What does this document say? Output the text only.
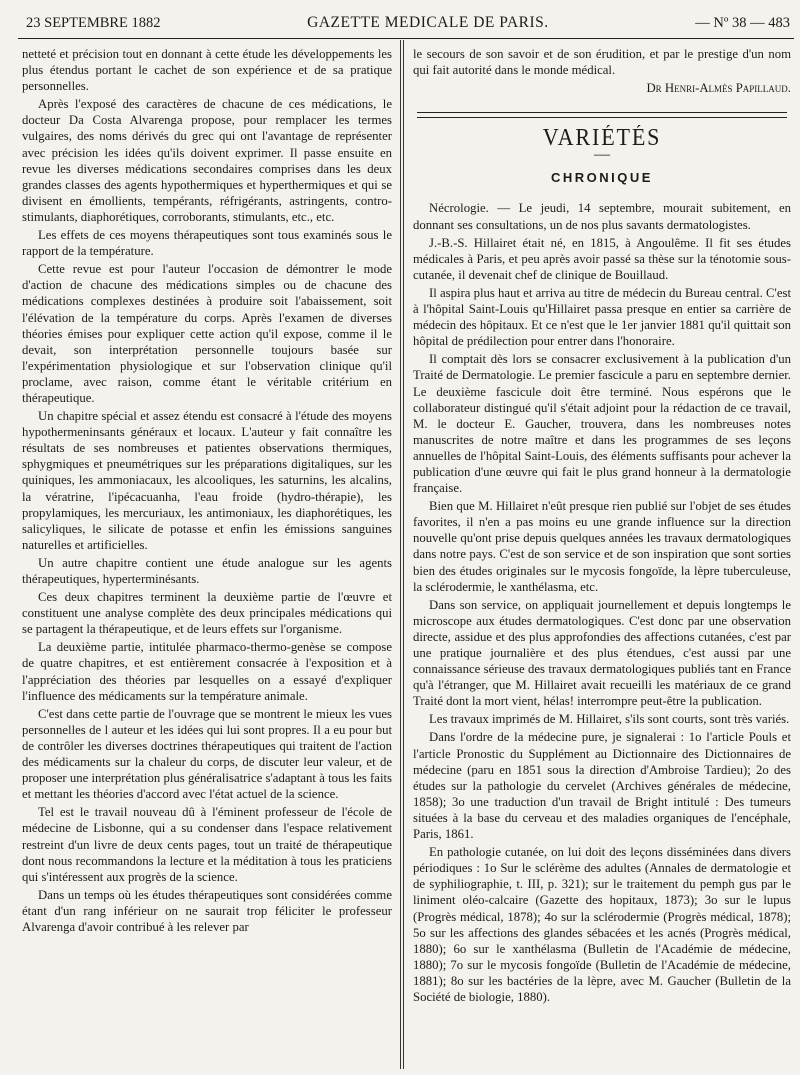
23 SEPTEMBRE 1882	GAZETTE MEDICALE DE PARIS.	— Nº 38 — 483

netteté et précision tout en donnant à cette étude les développements les plus étendus portant le cachet de son expérience et de sa pratique personnelles.

Après l'exposé des caractères de chacune de ces médications, le docteur Da Costa Alvarenga propose, pour remplacer les termes vulgaires, des noms dérivés du grec qui ont l'avantage de représenter avec précision les idées qu'ils doivent exprimer. Il passe ensuite en revue les diverses médications secondaires comprises dans les deux grandes classes des agents hypothermiques et hyperthermiques et qui se divisent en émollients, tempérants, réfrigérants, astringents, contro-stimulants, diaphorétiques, corroborants, stimulants, etc., etc.

Les effets de ces moyens thérapeutiques sont tous examinés sous le rapport de la température.

Cette revue est pour l'auteur l'occasion de démontrer le mode d'action de chacune des médications simples ou de chacune des médications complexes destinées à produire soit l'abaissement, soit l'élévation de la température du corps. Après l'examen de diverses théories émises pour expliquer cette action qu'il expose, comme il le devait, son interprétation personnelle toujours basée sur l'expérimentation physiologique et sur l'observation clinique qu'il proclame, avec raison, comme étant le véritable critérium en thérapeutique.

Un chapitre spécial et assez étendu est consacré à l'étude des moyens hypothermeninsants généraux et locaux. L'auteur y fait connaître les résultats de ses nombreuses et patientes observations thermiques, sphygmiques et pneumétriques sur les préparations digitaliques, sur les quiniques, les ammoniacaux, les alcooliques, les saturnins, les alcalins, la vératrine, l'ipécacuanha, l'eau froide (hydro-thérapie), les propylamiques, les mercuriaux, les antimoniaux, les diaphorétiques, les salicyliques, le silicate de potasse et enfin les émissions sanguines naturelles et artificielles.

Un autre chapitre contient une étude analogue sur les agents thérapeutiques, hyperterminésants.

Ces deux chapitres terminent la deuxième partie de l'œuvre et constituent une analyse complète des deux principales médications qui se partagent la thérapeutique, et de leurs effets sur l'organisme.

La deuxième partie, intitulée pharmaco-thermo-genèse se compose de quatre chapitres, et est entièrement consacrée à l'exposition et à l'appréciation des théories par lesquelles on a essayé d'expliquer l'influence des médicaments sur la température animale.

C'est dans cette partie de l'ouvrage que se montrent le mieux les vues personnelles de l auteur et les idées qui lui sont propres. Il a eu pour but de contrôler les diverses doctrines thérapeutiques qui traitent de l'action des médicaments sur la chaleur du corps, de discuter leur valeur, et de proposer une interprétation plus généralisatrice s'adaptant à tous les faits et mettant les théories d'accord avec l'état actuel de la science.

Tel est le travail nouveau dû à l'éminent professeur de l'école de médecine de Lisbonne, qui a su condenser dans l'espace relativement restreint d'un livre de deux cents pages, tout un traité de thérapeutique dont nous recommandons la lecture et la méditation à tous les praticiens qui s'intéressent aux progrès de la science.

Dans un temps où les études thérapeutiques sont considérées comme étant d'un rang inférieur on ne saurait trop féliciter le professeur Alvarenga d'avoir contribué à les relever par

le secours de son savoir et de son érudition, et par le prestige d'un nom qui fait autorité dans le monde médical.

Dr Henri-Almès Papillaud.
VARIÉTÉS
—
CHRONIQUE

Nécrologie. — Le jeudi, 14 septembre, mourait subitement, en donnant ses consultations, un de nos plus savants dermatologistes.

J.-B.-S. Hillairet était né, en 1815, à Angoulême. Il fit ses études médicales à Paris, et peu après avoir passé sa thèse sur la ténotomie sous-cutanée, il devenait chef de clinique de Bouillaud.

Il aspira plus haut et arriva au titre de médecin du Bureau central. C'est à l'hôpital Saint-Louis qu'Hillairet passa presque en entier sa carrière de médecin des hôpitaux. Et ce n'est que le 1er janvier 1881 qu'il quittait son hôpital de prédilection pour entrer dans l'honoraire.

Il comptait dès lors se consacrer exclusivement à la publication d'un Traité de Dermatologie. Le premier fascicule a paru en septembre dernier. Le deuxième fascicule doit être terminé. Nous espérons que le collaborateur distingué qu'il s'était adjoint pour la rédaction de ce travail, M. le docteur E. Gaucher, trouvera, dans les nombreuses notes manuscrites de notre maître et dans les programmes de ses leçons annuelles de l'hôpital Saint-Louis, des éléments suffisants pour achever la publication d'une œuvre qui fait le plus grand honneur à la dermatologie française.

Bien que M. Hillairet n'eût presque rien publié sur l'objet de ses études favorites, il n'en a pas moins eu une grande influence sur la direction nouvelle qu'ont prise depuis quelques années les travaux dermatologiques dans notre pays. C'est de son service et de son inspiration que sont sorties bien des études originales sur le mycosis fongoïde, la lèpre tuberculeuse, la sclérodermie, le xanthélasma, etc.

Dans son service, on appliquait journellement et depuis longtemps le microscope aux études dermatologiques. C'est donc par une observation directe, assidue et des plus approfondies des affections cutanées, c'est par une pratique journalière et des plus étendues, c'est aussi par une connaissance sérieuse des travaux dermatologiques publiés tant en France qu'à l'étranger, que M. Hillairet avait recueilli les matériaux de ce grand Traité dont la mort vient, hélas! interrompre peut-être la publication.

Les travaux imprimés de M. Hillairet, s'ils sont courts, sont très variés.

Dans l'ordre de la médecine pure, je signalerai : 1o l'article Pouls et l'article Pronostic du Supplément au Dictionnaire des Dictionnaires de médecine (paru en 1851 sous la direction d'Ambroise Tardieu); 2o des études sur la pathologie du cervelet (Archives générales de médecine, 1858); 3o une traduction d'un travail de Bright intitulé : Des tumeurs situées à la base du cerveau et des maladies organiques de l'encéphale, Paris, 1861.

En pathologie cutanée, on lui doit des leçons disséminées dans divers périodiques : 1o Sur le sclérème des adultes (Annales de dermatologie et de syphiliographie, t. III, p. 321); sur le traitement du pemph gus par le liniment oléo-calcaire (Gazette des hopitaux, 1873); 3o sur le lupus (Progrès médical, 1878); 4o sur la sclérodermie (Progrès médical, 1878); 5o sur les affections des glandes sébacées et les acnés (Progrès médical, 1880); 6o sur le xanthélasma (Bulletin de l'Académie de médecine, 1880); 7o sur le mycosis fongoïde (Bulletin de l'Académie de médecine, 1881); 8o sur les bactéries de la lèpre, avec M. Gaucher (Bulletin de la Société de biologie, 1880).
